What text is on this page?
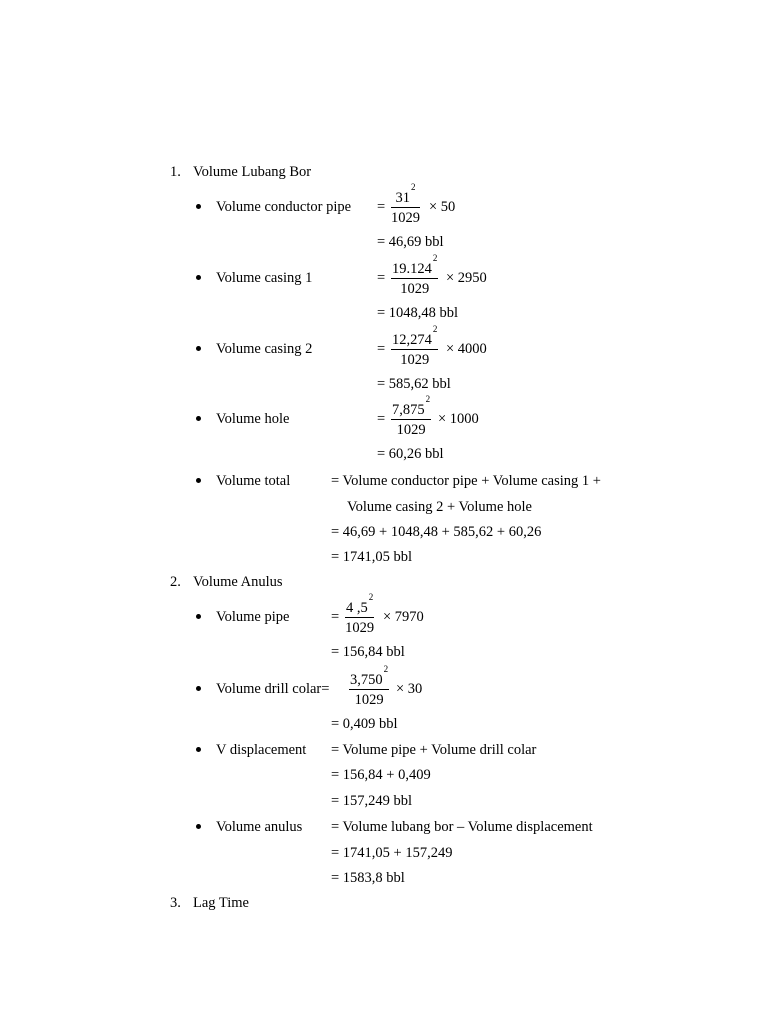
1. Volume Lubang Bor
Volume conductor pipe = $\frac{31^2}{1029} \times 50$
= 46,69 bbl
Volume casing 1	= $\frac{19.124^2}{1029} \times 2950$
= 1048,48 bbl
Volume casing 2	= $\frac{12,274^2}{1029} \times 4000$
= 585,62 bbl
Volume hole	= $\frac{7,875^2}{1029} \times 1000$
= 60,26 bbl
Volume total	= Volume conductor pipe + Volume casing 1 +
Volume casing 2 + Volume hole
= 46,69 + 1048,48 + 585,62 + 60,26
= 1741,05 bbl
2. Volume Anulus
Volume pipe	= $\frac{4 ,5^2}{1029} \times 7970$
= 156,84 bbl
Volume drill colar= $\frac{3,750^2}{1029} \times 30$
= 0,409 bbl
V displacement = Volume pipe + Volume drill colar
= 156,84 + 0,409
= 157,249 bbl
Volume anulus = Volume lubang bor – Volume displacement
= 1741,05 + 157,249
= 1583,8 bbl
3. Lag Time
